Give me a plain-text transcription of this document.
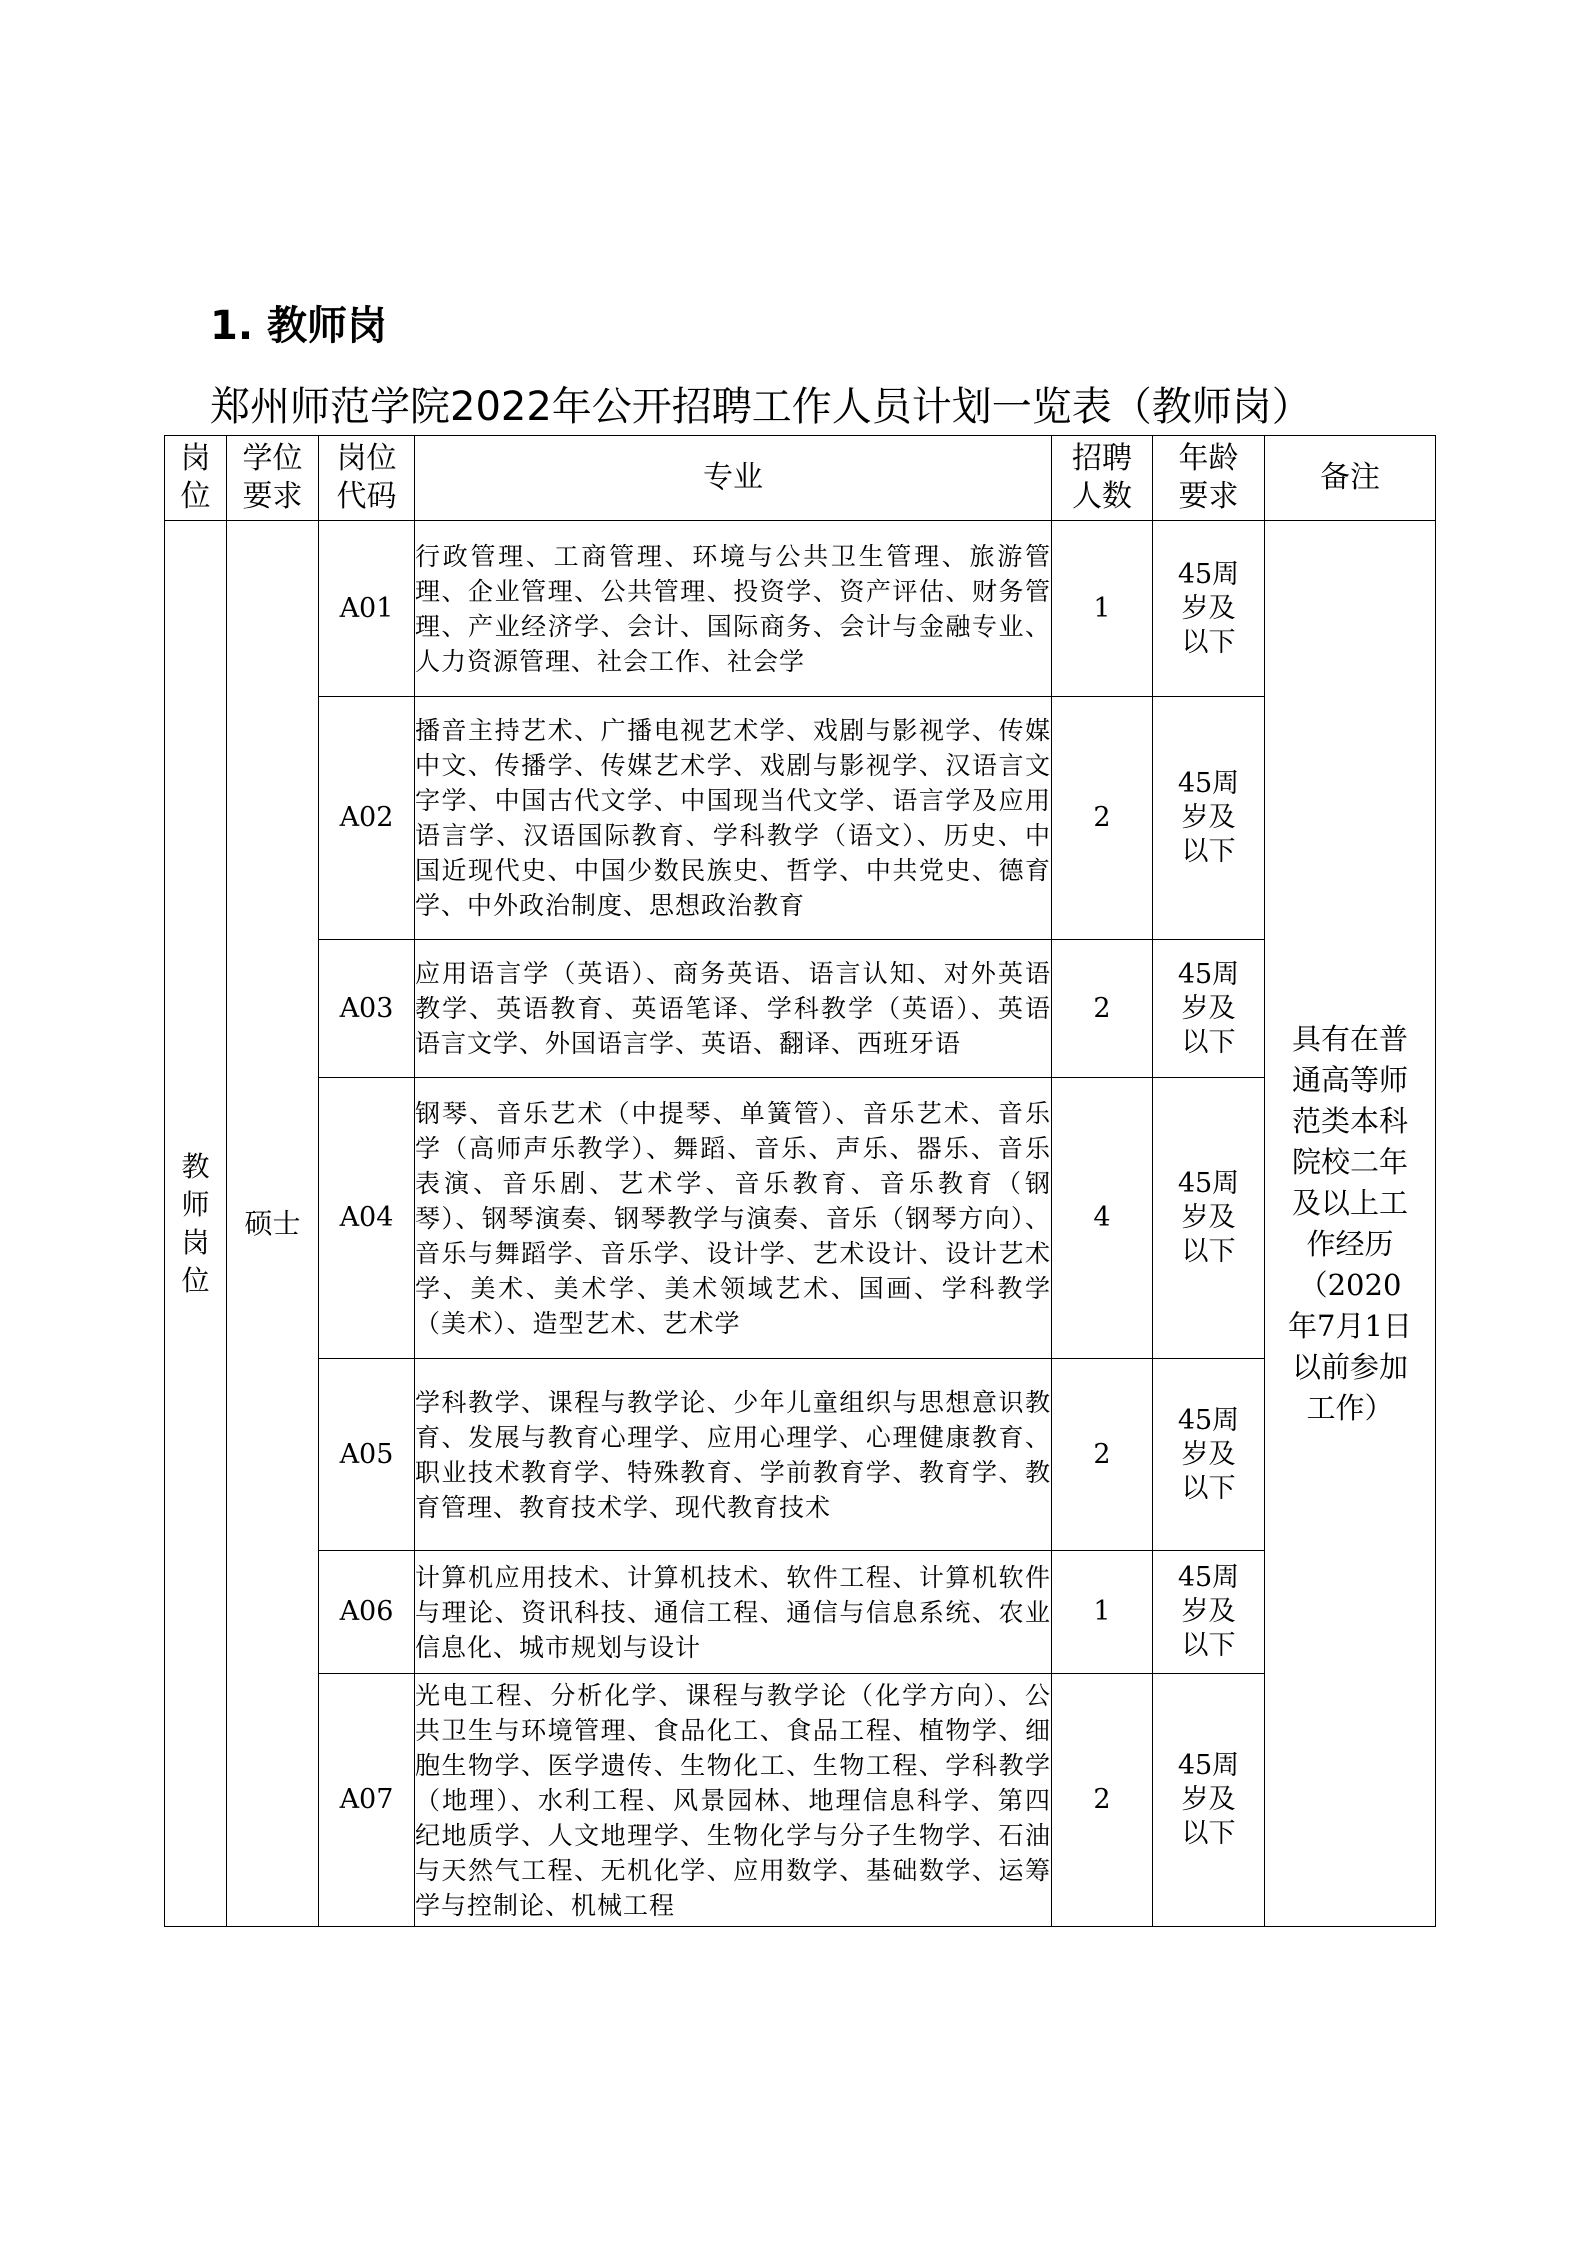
1. 教师岗
郑州师范学院2022年公开招聘工作人员计划一览表（教师岗）
岗位	学位要求	岗位代码	专业	招聘人数	年龄要求	备注
教师岗位	硕士	A01	行政管理、工商管理、环境与公共卫生管理、旅游管理、企业管理、公共管理、投资学、资产评估、财务管理、产业经济学、会计、国际商务、会计与金融专业、人力资源管理、社会工作、社会学	1	45周岁及以下	具有在普通高等师范类本科院校二年及以上工作经历（2020年7月1日以前参加工作）
		A02	播音主持艺术、广播电视艺术学、戏剧与影视学、传媒中文、传播学、传媒艺术学、戏剧与影视学、汉语言文字学、中国古代文学、中国现当代文学、语言学及应用语言学、汉语国际教育、学科教学（语文）、历史、中国近现代史、中国少数民族史、哲学、中共党史、德育学、中外政治制度、思想政治教育	2	45周岁及以下	
		A03	应用语言学（英语）、商务英语、语言认知、对外英语教学、英语教育、英语笔译、学科教学（英语）、英语语言文学、外国语言学、英语、翻译、西班牙语	2	45周岁及以下	
		A04	钢琴、音乐艺术（中提琴、单簧管）、音乐艺术、音乐学（高师声乐教学）、舞蹈、音乐、声乐、器乐、音乐表演、音乐剧、艺术学、音乐教育、音乐教育（钢琴）、钢琴演奏、钢琴教学与演奏、音乐（钢琴方向）、音乐与舞蹈学、音乐学、设计学、艺术设计、设计艺术学、美术、美术学、美术领域艺术、国画、学科教学（美术）、造型艺术、艺术学	4	45周岁及以下	
		A05	学科教学、课程与教学论、少年儿童组织与思想意识教育、发展与教育心理学、应用心理学、心理健康教育、职业技术教育学、特殊教育、学前教育学、教育学、教育管理、教育技术学、现代教育技术	2	45周岁及以下	
		A06	计算机应用技术、计算机技术、软件工程、计算机软件与理论、资讯科技、通信工程、通信与信息系统、农业信息化、城市规划与设计	1	45周岁及以下	
		A07	光电工程、分析化学、课程与教学论（化学方向）、公共卫生与环境管理、食品化工、食品工程、植物学、细胞生物学、医学遗传、生物化工、生物工程、学科教学（地理）、水利工程、风景园林、地理信息科学、第四纪地质学、人文地理学、生物化学与分子生物学、石油与天然气工程、无机化学、应用数学、基础数学、运筹学与控制论、机械工程	2	45周岁及以下	
